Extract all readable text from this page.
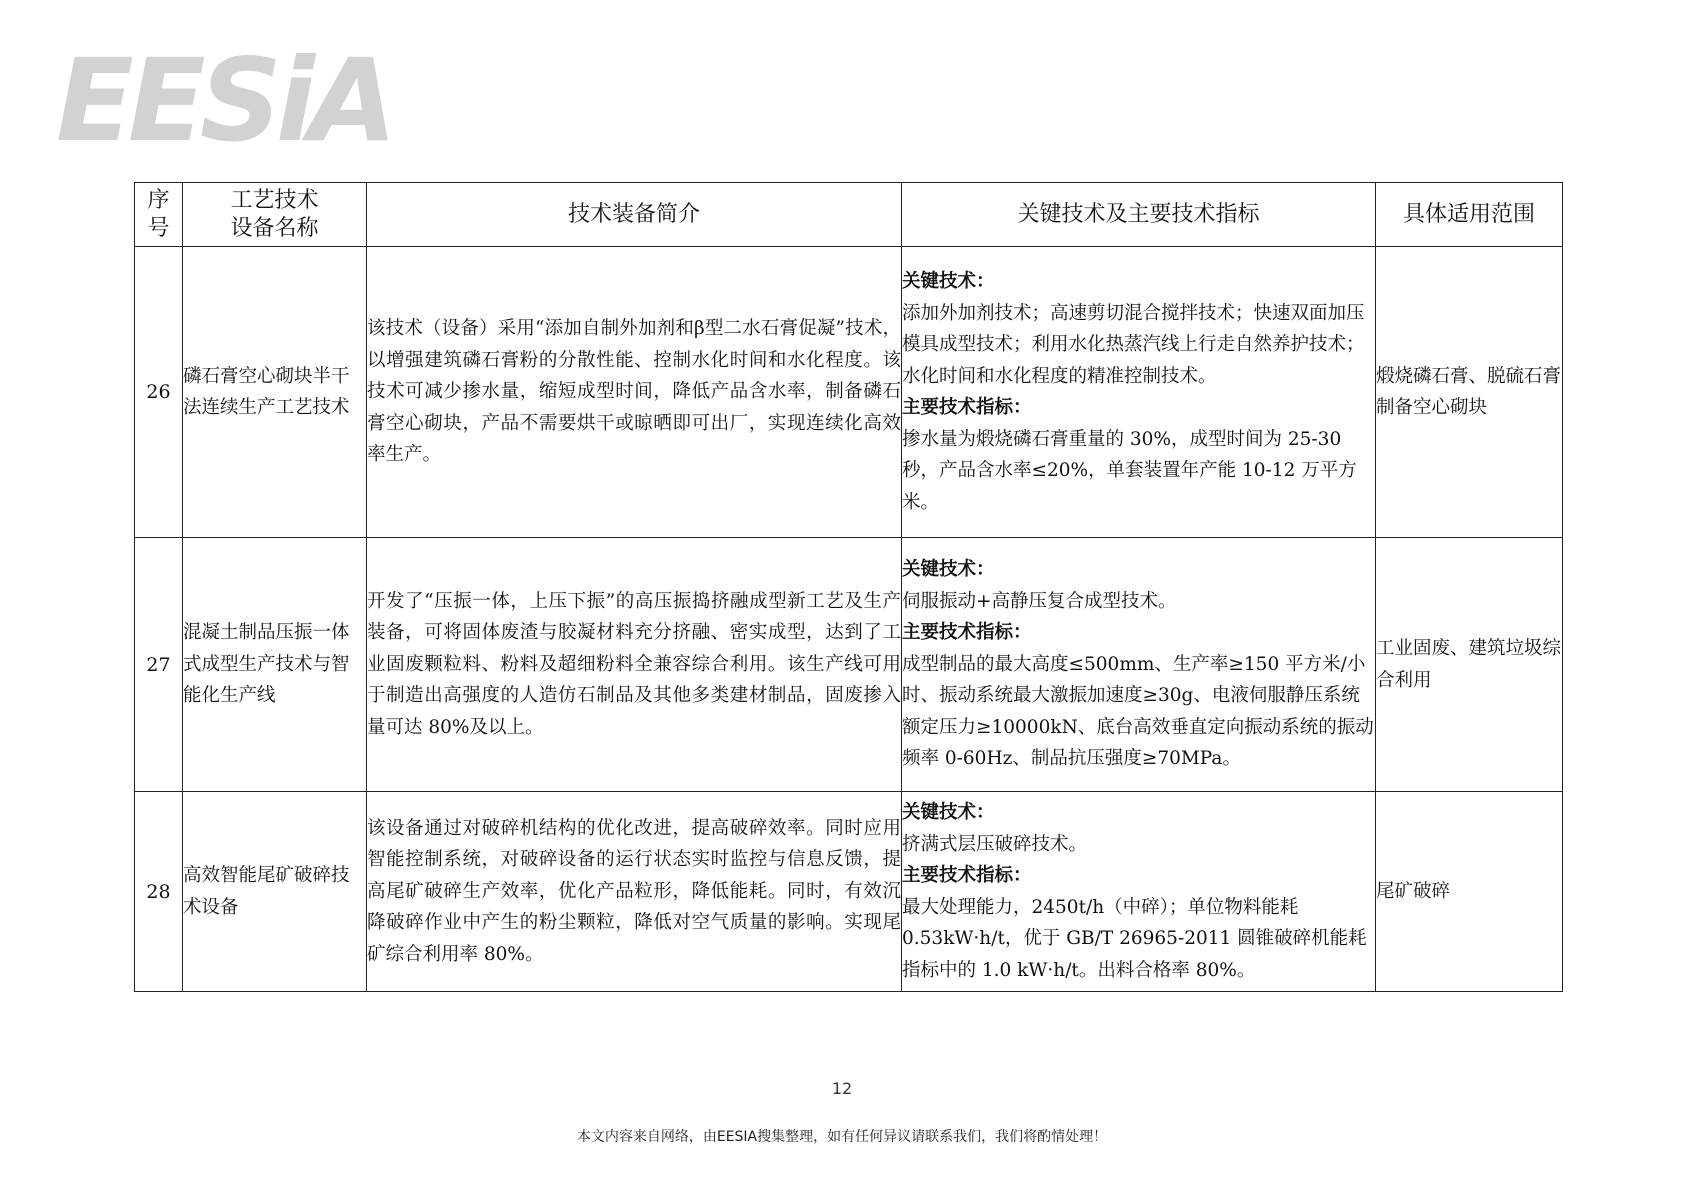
EESiA
序
号	工艺技术
设备名称	技术装备简介	关键技术及主要技术指标	具体适用范围
26	磷石膏空心砌块半干法连续生产工艺技术	该技术（设备）采用“添加自制外加剂和β型二水石膏促凝”技术，以增强建筑磷石膏粉的分散性能、控制水化时间和水化程度。该技术可减少掺水量，缩短成型时间，降低产品含水率，制备磷石膏空心砌块，产品不需要烘干或晾晒即可出厂，实现连续化高效率生产。	关键技术：
添加外加剂技术；高速剪切混合搅拌技术；快速双面加压模具成型技术；利用水化热蒸汽线上行走自然养护技术；水化时间和水化程度的精准控制技术。
主要技术指标：
掺水量为煅烧磷石膏重量的 30%，成型时间为 25-30 秒，产品含水率≤20%，单套装置年产能 10-12 万平方米。	煅烧磷石膏、脱硫石膏制备空心砌块
27	混凝土制品压振一体式成型生产技术与智能化生产线	开发了“压振一体，上压下振”的高压振捣挤融成型新工艺及生产装备，可将固体废渣与胶凝材料充分挤融、密实成型，达到了工业固废颗粒料、粉料及超细粉料全兼容综合利用。该生产线可用于制造出高强度的人造仿石制品及其他多类建材制品，固废掺入量可达 80%及以上。	关键技术：
伺服振动+高静压复合成型技术。
主要技术指标：
成型制品的最大高度≤500mm、生产率≥150 平方米/小时、振动系统最大激振加速度≥30g、电液伺服静压系统额定压力≥10000kN、底台高效垂直定向振动系统的振动频率 0-60Hz、制品抗压强度≥70MPa。	工业固废、建筑垃圾综合利用
28	高效智能尾矿破碎技术设备	该设备通过对破碎机结构的优化改进，提高破碎效率。同时应用智能控制系统，对破碎设备的运行状态实时监控与信息反馈，提高尾矿破碎生产效率，优化产品粒形，降低能耗。同时，有效沉降破碎作业中产生的粉尘颗粒，降低对空气质量的影响。实现尾矿综合利用率 80%。	关键技术：
挤满式层压破碎技术。
主要技术指标：
最大处理能力，2450t/h（中碎）；单位物料能耗 0.53kW·h/t，优于 GB/T 26965-2011 圆锥破碎机能耗指标中的 1.0 kW·h/t。出料合格率 80%。	尾矿破碎
12
本文内容来自网络，由EESIA搜集整理，如有任何异议请联系我们，我们将酌情处理！
